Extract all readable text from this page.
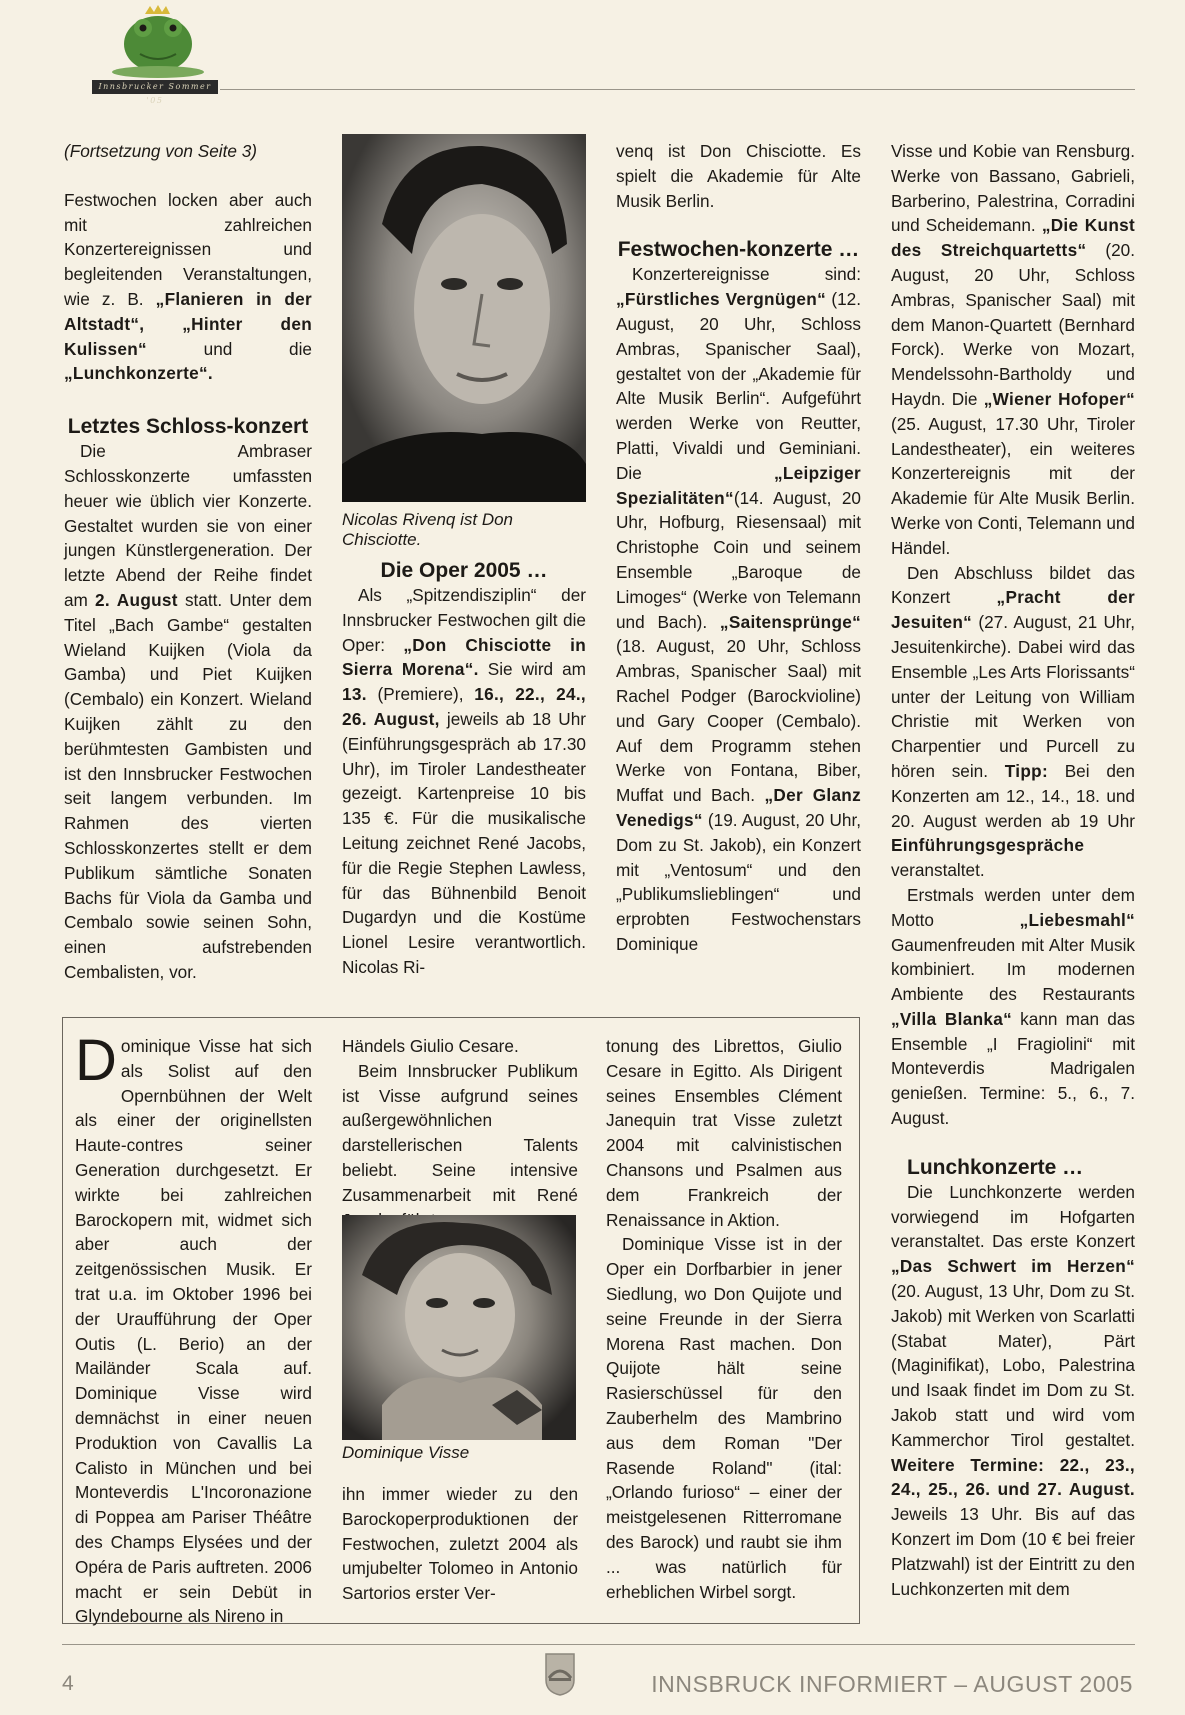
Innsbrucker Sommer '05

(Fortsetzung von Seite 3)

Festwochen locken aber auch mit zahlreichen Konzertereignissen und begleitenden Veranstaltungen, wie z. B. „Flanieren in der Altstadt“, „Hinter den Kulissen“ und die „Lunchkonzerte“.

Letztes Schloss-konzert

Die Ambraser Schlosskonzerte umfassten heuer wie üblich vier Konzerte. Gestaltet wurden sie von einer jungen Künstlergeneration. Der letzte Abend der Reihe findet am 2. August statt. Unter dem Titel „Bach Gambe“ gestalten Wieland Kuijken (Viola da Gamba) und Piet Kuijken (Cembalo) ein Konzert. Wieland Kuijken zählt zu den berühmtesten Gambisten und ist den Innsbrucker Festwochen seit langem verbunden. Im Rahmen des vierten Schlosskonzertes stellt er dem Publikum sämtliche Sonaten Bachs für Viola da Gamba und Cembalo sowie seinen Sohn, einen aufstrebenden Cembalisten, vor.

Nicolas Rivenq ist Don Chisciotte.
Die Oper 2005 …

Als „Spitzendisziplin“ der Innsbrucker Festwochen gilt die Oper: „Don Chisciotte in Sierra Morena“. Sie wird am 13. (Premiere), 16., 22., 24., 26. August, jeweils ab 18 Uhr (Einführungsgespräch ab 17.30 Uhr), im Tiroler Landestheater gezeigt. Kartenpreise 10 bis 135 €. Für die musikalische Leitung zeichnet René Jacobs, für die Regie Stephen Lawless, für das Bühnenbild Benoit Dugardyn und die Kostüme Lionel Lesire verantwortlich. Nicolas Ri-

venq ist Don Chisciotte. Es spielt die Akademie für Alte Musik Berlin.

Festwochen-konzerte …

Konzertereignisse sind: „Fürstliches Vergnügen“ (12. August, 20 Uhr, Schloss Ambras, Spanischer Saal), gestaltet von der „Akademie für Alte Musik Berlin“. Aufgeführt werden Werke von Reutter, Platti, Vivaldi und Geminiani. Die „Leipziger Spezialitäten“(14. August, 20 Uhr, Hofburg, Riesensaal) mit Christophe Coin und seinem Ensemble „Baroque de Limoges“ (Werke von Telemann und Bach). „Saitensprünge“ (18. August, 20 Uhr, Schloss Ambras, Spanischer Saal) mit Rachel Podger (Barockvioline) und Gary Cooper (Cembalo). Auf dem Programm stehen Werke von Fontana, Biber, Muffat und Bach. „Der Glanz Venedigs“ (19. August, 20 Uhr, Dom zu St. Jakob), ein Konzert mit „Ventosum“ und den „Publikumslieblingen“ und erprobten Festwochenstars Dominique

Visse und Kobie van Rensburg. Werke von Bassano, Gabrieli, Barberino, Palestrina, Corradini und Scheidemann. „Die Kunst des Streichquartetts“ (20. August, 20 Uhr, Schloss Ambras, Spanischer Saal) mit dem Manon-Quartett (Bernhard Forck). Werke von Mozart, Mendelssohn-Bartholdy und Haydn. Die „Wiener Hofoper“ (25. August, 17.30 Uhr, Tiroler Landestheater), ein weiteres Konzertereignis mit der Akademie für Alte Musik Berlin. Werke von Conti, Telemann und Händel.

Den Abschluss bildet das Konzert „Pracht der Jesuiten“ (27. August, 21 Uhr, Jesuitenkirche). Dabei wird das Ensemble „Les Arts Florissants“ unter der Leitung von William Christie mit Werken von Charpentier und Purcell zu hören sein. Tipp: Bei den Konzerten am 12., 14., 18. und 20. August werden ab 19 Uhr Einführungsgespräche veranstaltet.

Erstmals werden unter dem Motto „Liebesmahl“ Gaumenfreuden mit Alter Musik kombiniert. Im modernen Ambiente des Restaurants „Villa Blanka“ kann man das Ensemble „I Fragiolini“ mit Monteverdis Madrigalen genießen. Termine: 5., 6., 7. August.

Lunchkonzerte …

Die Lunchkonzerte werden vorwiegend im Hofgarten veranstaltet. Das erste Konzert „Das Schwert im Herzen“ (20. August, 13 Uhr, Dom zu St. Jakob) mit Werken von Scarlatti (Stabat Mater), Pärt (Maginifikat), Lobo, Palestrina und Isaak findet im Dom zu St. Jakob statt und wird vom Kammerchor Tirol gestaltet. Weitere Termine: 22., 23., 24., 25., 26. und 27. August. Jeweils 13 Uhr. Bis auf das Konzert im Dom (10 € bei freier Platzwahl) ist der Eintritt zu den Luchkonzerten mit dem

Dominique Visse hat sich als Solist auf den Opernbühnen der Welt als einer der originellsten Haute-contres seiner Generation durchgesetzt. Er wirkte bei zahlreichen Barockopern mit, widmet sich aber auch der zeitgenössischen Musik. Er trat u.a. im Oktober 1996 bei der Uraufführung der Oper Outis (L. Berio) an der Mailänder Scala auf. Dominique Visse wird demnächst in einer neuen Produktion von Cavallis La Calisto in München und bei Monteverdis L'Incoronazione di Poppea am Pariser Théâtre des Champs Elysées und der Opéra de Paris auftreten. 2006 macht er sein Debüt in Glyndebourne als Nireno in

Händels Giulio Cesare.

Beim Innsbrucker Publikum ist Visse aufgrund seines außergewöhnlichen darstellerischen Talents beliebt. Seine intensive Zusammenarbeit mit René

Dominique Visse

ihn immer wieder zu den Barockoperproduktionen der Festwochen, zuletzt 2004 als umjubelter Tolomeo in Antonio Sartorios erster Ver-

tonung des Librettos, Giulio Cesare in Egitto. Als Dirigent seines Ensembles Clément Janequin trat Visse zuletzt 2004 mit calvinistischen Chansons und Psalmen aus dem Frankreich der Renaissance in Aktion.

Dominique Visse ist in der Oper ein Dorfbarbier in jener Siedlung, wo Don Quijote und seine Freunde in der Sierra Morena Rast machen. Don Quijote hält seine Rasierschüssel für den Zauberhelm des Mambrino aus dem Roman "Der Rasende Roland" (ital: „Orlando furioso“ – einer der meistgelesenen Ritterromane des Barock) und raubt sie ihm ... was natürlich für erheblichen Wirbel sorgt.

4	INNSBRUCK INFORMIERT – AUGUST 2005
